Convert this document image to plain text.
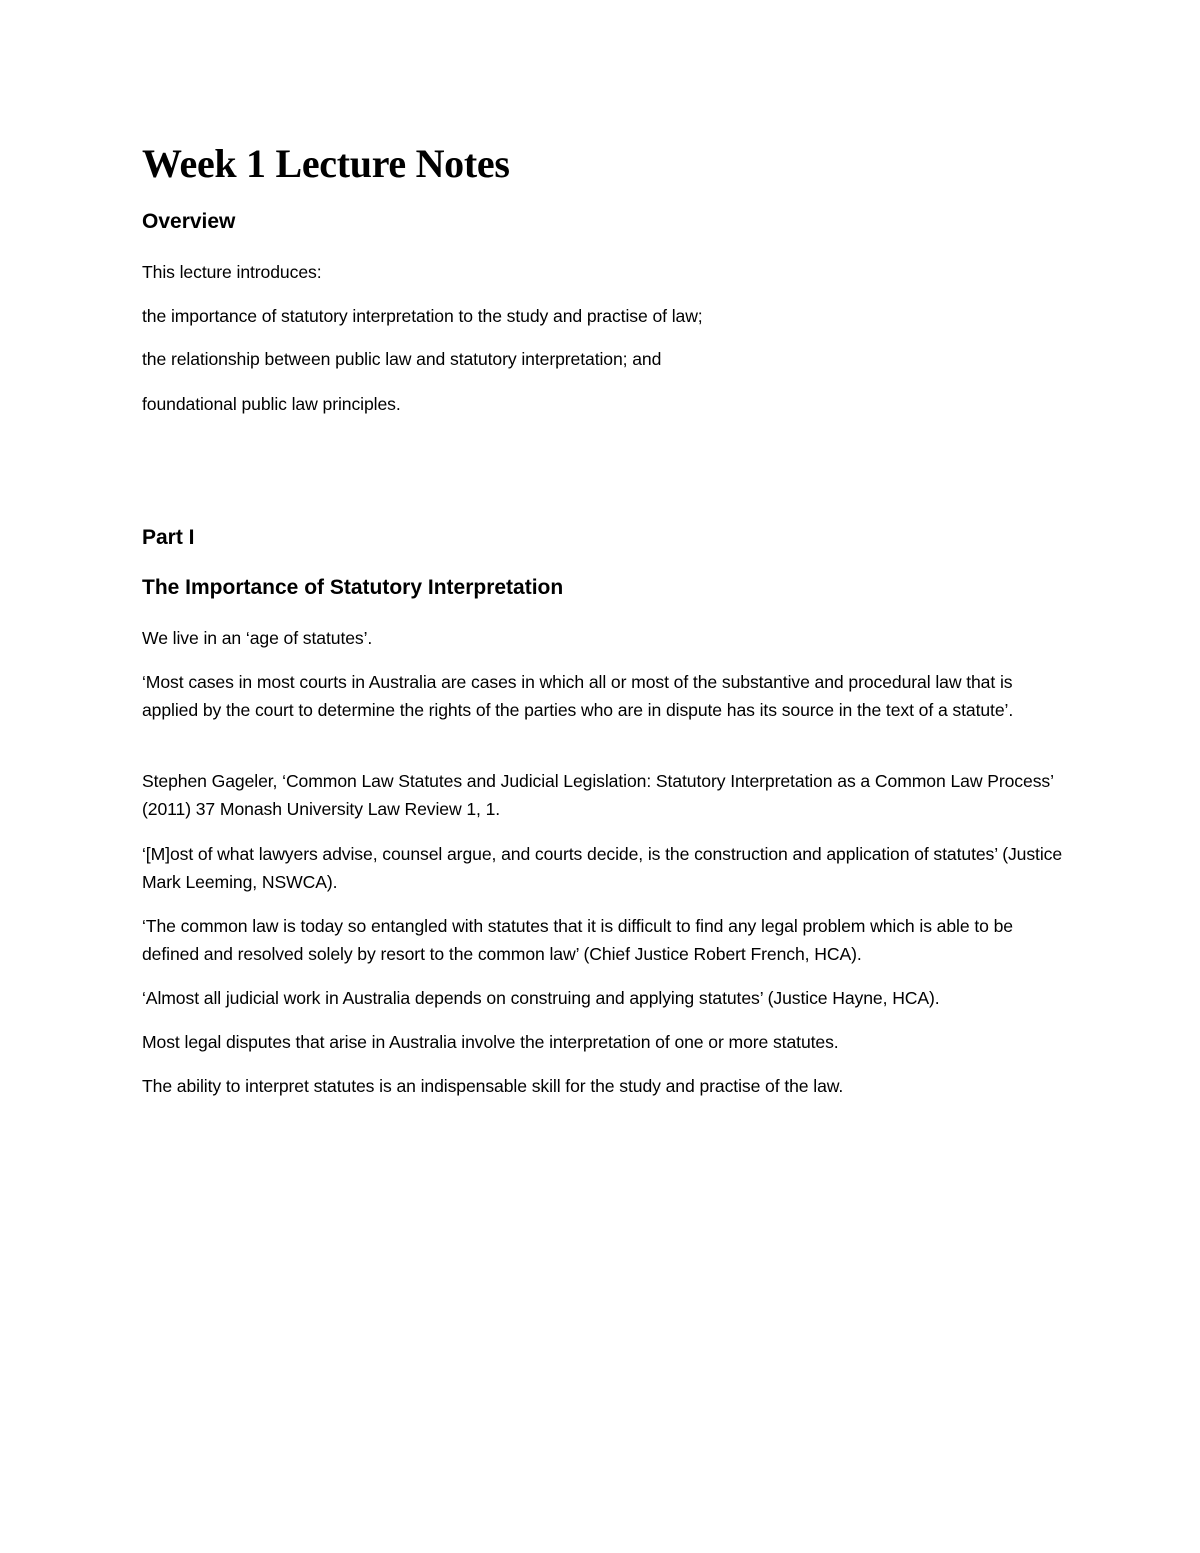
Week 1 Lecture Notes
Overview

This lecture introduces:

the importance of statutory interpretation to the study and practise of law;

the relationship between public law and statutory interpretation; and

foundational public law principles.

Part I
The Importance of Statutory Interpretation

We live in an ‘age of statutes’.

‘Most cases in most courts in Australia are cases in which all or most of the substantive and procedural law that is applied by the court to determine the rights of the parties who are in dispute has its source in the text of a statute’.

Stephen Gageler, ‘Common Law Statutes and Judicial Legislation: Statutory Interpretation as a Common Law Process’ (2011) 37 Monash University Law Review 1, 1.

‘[M]ost of what lawyers advise, counsel argue, and courts decide, is the construction and application of statutes’ (Justice Mark Leeming, NSWCA).

‘The common law is today so entangled with statutes that it is difficult to find any legal problem which is able to be defined and resolved solely by resort to the common law’ (Chief Justice Robert French, HCA).

‘Almost all judicial work in Australia depends on construing and applying statutes’ (Justice Hayne, HCA).

Most legal disputes that arise in Australia involve the interpretation of one or more statutes.

The ability to interpret statutes is an indispensable skill for the study and practise of the law.
